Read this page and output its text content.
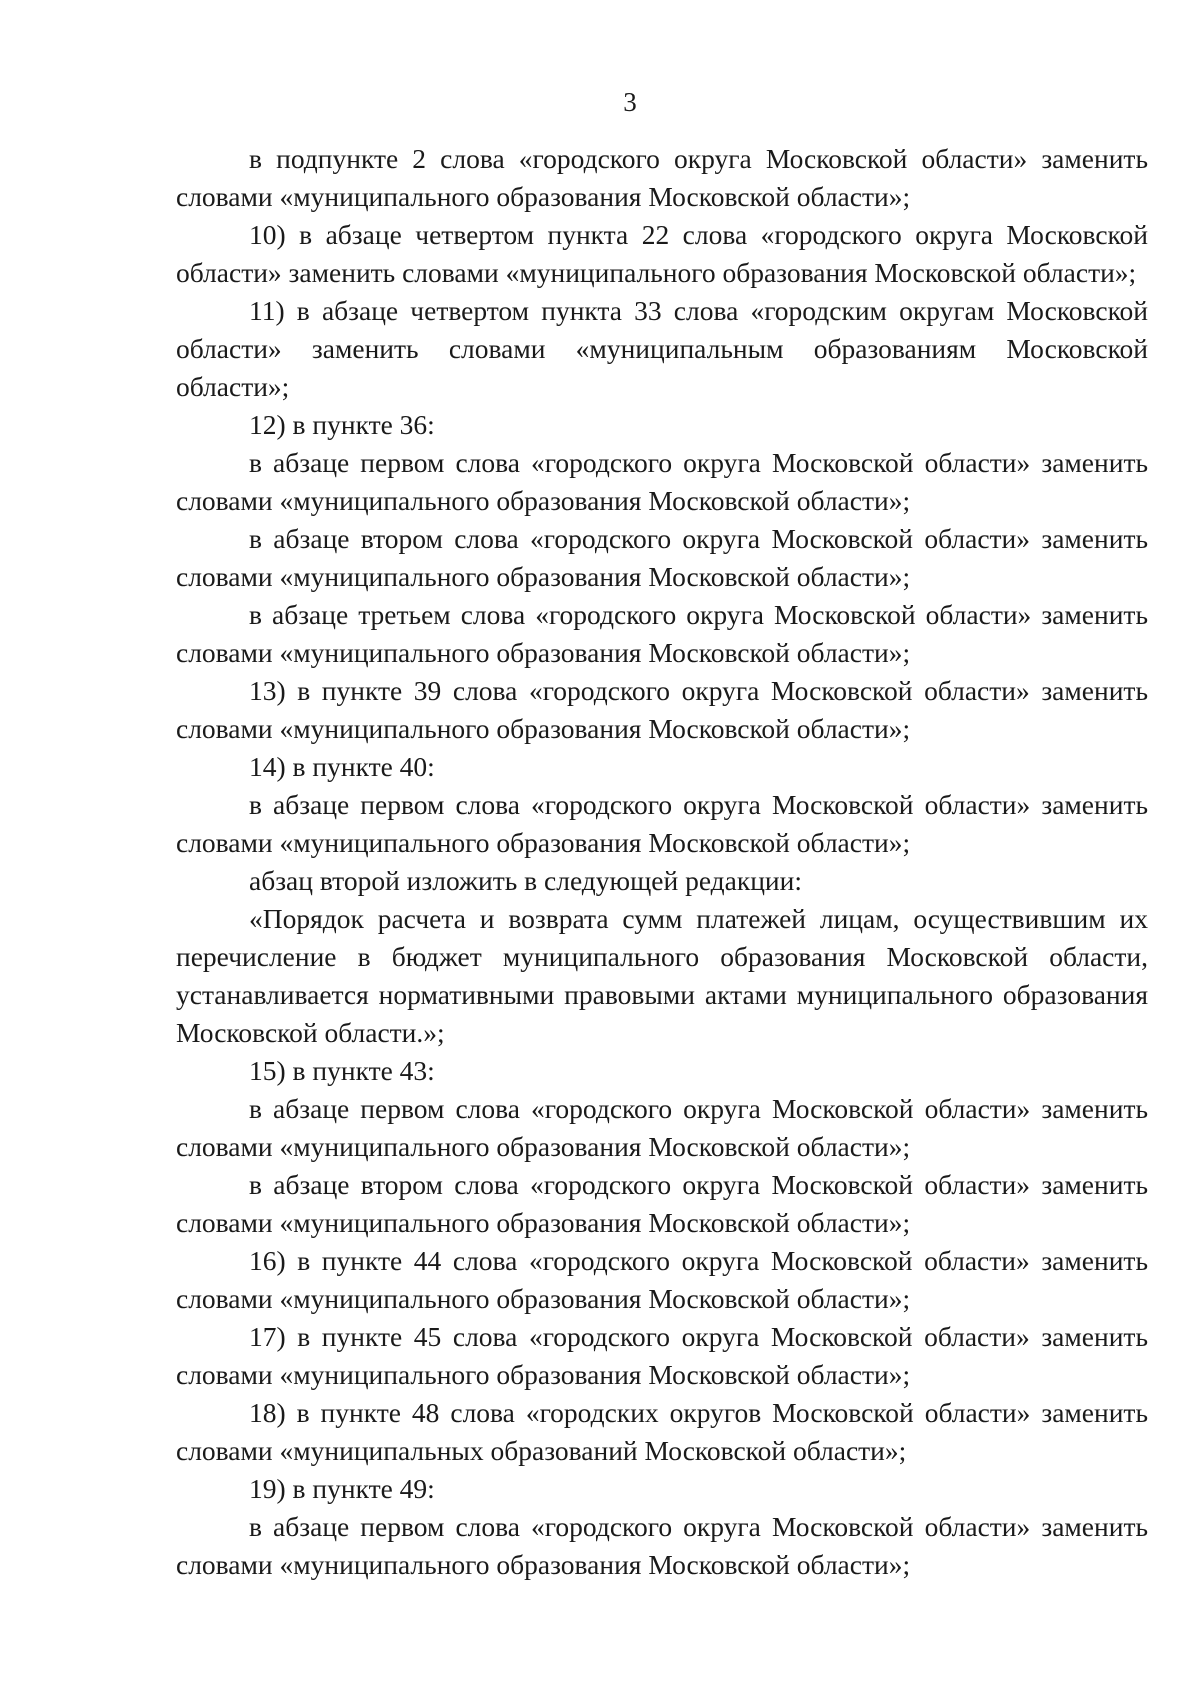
3

в подпункте 2 слова «городского округа Московской области» заменить словами «муниципального образования Московской области»;

10) в абзаце четвертом пункта 22 слова «городского округа Московской области» заменить словами «муниципального образования Московской области»;

11) в абзаце четвертом пункта 33 слова «городским округам Московской области» заменить словами «муниципальным образованиям Московской области»;

12) в пункте 36:

в абзаце первом слова «городского округа Московской области» заменить словами «муниципального образования Московской области»;

в абзаце втором слова «городского округа Московской области» заменить словами «муниципального образования Московской области»;

в абзаце третьем слова «городского округа Московской области» заменить словами «муниципального образования Московской области»;

13) в пункте 39 слова «городского округа Московской области» заменить словами «муниципального образования Московской области»;

14) в пункте 40:

в абзаце первом слова «городского округа Московской области» заменить словами «муниципального образования Московской области»;

абзац второй изложить в следующей редакции:

«Порядок расчета и возврата сумм платежей лицам, осуществившим их перечисление в бюджет муниципального образования Московской области, устанавливается нормативными правовыми актами муниципального образования Московской области.»;

15) в пункте 43:

в абзаце первом слова «городского округа Московской области» заменить словами «муниципального образования Московской области»;

в абзаце втором слова «городского округа Московской области» заменить словами «муниципального образования Московской области»;

16) в пункте 44 слова «городского округа Московской области» заменить словами «муниципального образования Московской области»;

17) в пункте 45 слова «городского округа Московской области» заменить словами «муниципального образования Московской области»;

18) в пункте 48 слова «городских округов Московской области» заменить словами «муниципальных образований Московской области»;

19) в пункте 49:

в абзаце первом слова «городского округа Московской области» заменить словами «муниципального образования Московской области»;
